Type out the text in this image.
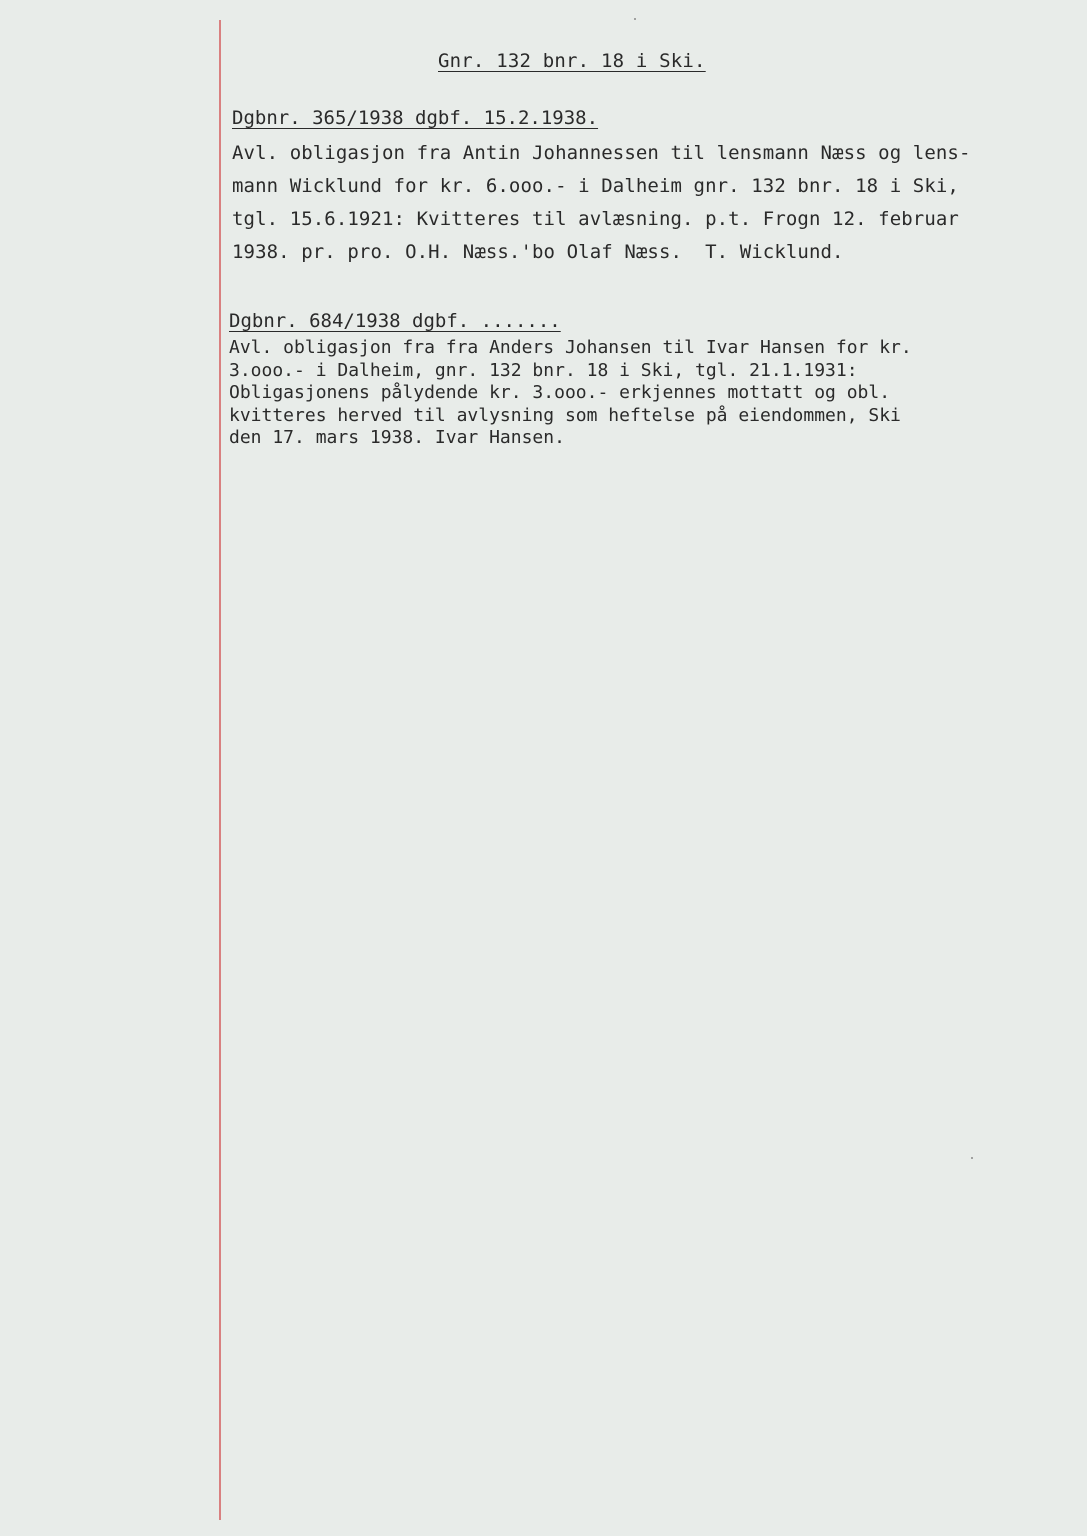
Gnr. 132 bnr. 18 i Ski.
Dgbnr. 365/1938 dgbf. 15.2.1938.
Avl. obligasjon fra Antin Johannessen til lensmann Næss og lens-
mann Wicklund for kr. 6.ooo.- i Dalheim gnr. 132 bnr. 18 i Ski,
tgl. 15.6.1921: Kvitteres til avlæsning. p.t. Frogn 12. februar
1938. pr. pro. O.H. Næss.'bo Olaf Næss.  T. Wicklund.
Dgbnr. 684/1938 dgbf. .......
Avl. obligasjon fra fra Anders Johansen til Ivar Hansen for kr.
3.ooo.- i Dalheim, gnr. 132 bnr. 18 i Ski, tgl. 21.1.1931:
Obligasjonens pålydende kr. 3.ooo.- erkjennes mottatt og obl.
kvitteres herved til avlysning som heftelse på eiendommen, Ski
den 17. mars 1938. Ivar Hansen.
